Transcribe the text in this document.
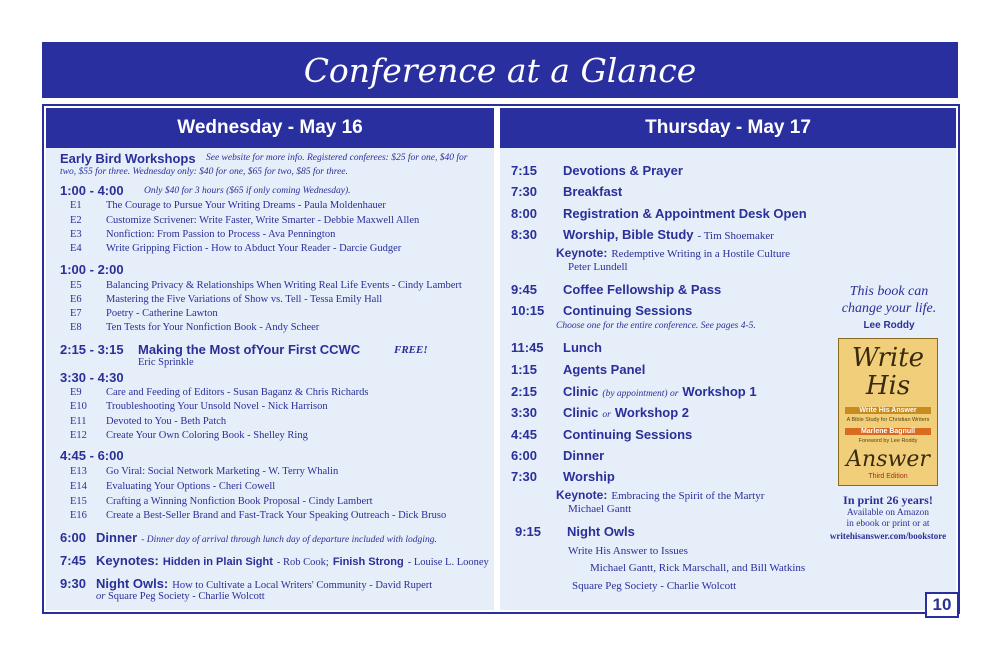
Conference at a Glance
Wednesday - May 16	Thursday - May 17
Early Bird Workshops See website for more info. Registered conferees: $25 for one, $40 for
two, $55 for three. Wednesday only: $40 for one, $65 for two, $85 for three.
1:00 - 4:00 Only $40 for 3 hours ($65 if only coming Wednesday).
E1 The Courage to Pursue Your Writing Dreams - Paula Moldenhauer
E2 Customize Scrivener: Write Faster, Write Smarter - Debbie Maxwell Allen
E3 Nonfiction: From Passion to Process - Ava Pennington
E4 Write Gripping Fiction - How to Abduct Your Reader - Darcie Gudger
1:00 - 2:00
E5 Balancing Privacy & Relationships When Writing Real Life Events - Cindy Lambert
E6 Mastering the Five Variations of Show vs. Tell - Tessa Emily Hall
E7 Poetry - Catherine Lawton
E8 Ten Tests for Your Nonfiction Book - Andy Scheer
2:15 - 3:15 Making the Most ofYour First CCWC	FREE!
Eric Sprinkle
3:30 - 4:30
E9 Care and Feeding of Editors - Susan Baganz & Chris Richards
E10 Troubleshooting Your Unsold Novel - Nick Harrison
E11 Devoted to You - Beth Patch
E12 Create Your Own Coloring Book - Shelley Ring
4:45 - 6:00
E13 Go Viral: Social Network Marketing - W. Terry Whalin
E14 Evaluating Your Options - Cheri Cowell
E15 Crafting a Winning Nonfiction Book Proposal - Cindy Lambert
E16 Create a Best-Seller Brand and Fast-Track Your Speaking Outreach - Dick Bruso
6:00 Dinner - Dinner day of arrival through lunch day of departure included with lodging.
7:45 Keynotes: Hidden in Plain Sight - Rob Cook; Finish Strong - Louise L. Looney
9:30 Night Owls: How to Cultivate a Local Writers' Community - David Rupert
or Square Peg Society - Charlie Wolcott
7:15 Devotions & Prayer
7:30 Breakfast
8:00 Registration & Appointment Desk Open
8:30 Worship, Bible Study - Tim Shoemaker
Keynote: Redemptive Writing in a Hostile Culture
Peter Lundell
9:45 Coffee Fellowship & Pass
10:15 Continuing Sessions
Choose one for the entire conference. See pages 4-5.
11:45 Lunch
1:15 Agents Panel
2:15 Clinic (by appointment) or Workshop 1
3:30 Clinic or Workshop 2
4:45 Continuing Sessions
6:00 Dinner
7:30 Worship
Keynote: Embracing the Spirit of the Martyr
Michael Gantt
9:15 Night Owls
Write His Answer to Issues
Michael Gantt, Rick Marschall, and Bill Watkins
Square Peg Society - Charlie Wolcott
This book can
change your life.
Lee Roddy
Write
His
Write His Answer
A Bible Study for Christian Writers
Marlene Bagnull
Foreword by Lee Roddy
Answer
Third Edition
In print 26 years!
Available on Amazon
in ebook or print or at
writehisanswer.com/bookstore
10
